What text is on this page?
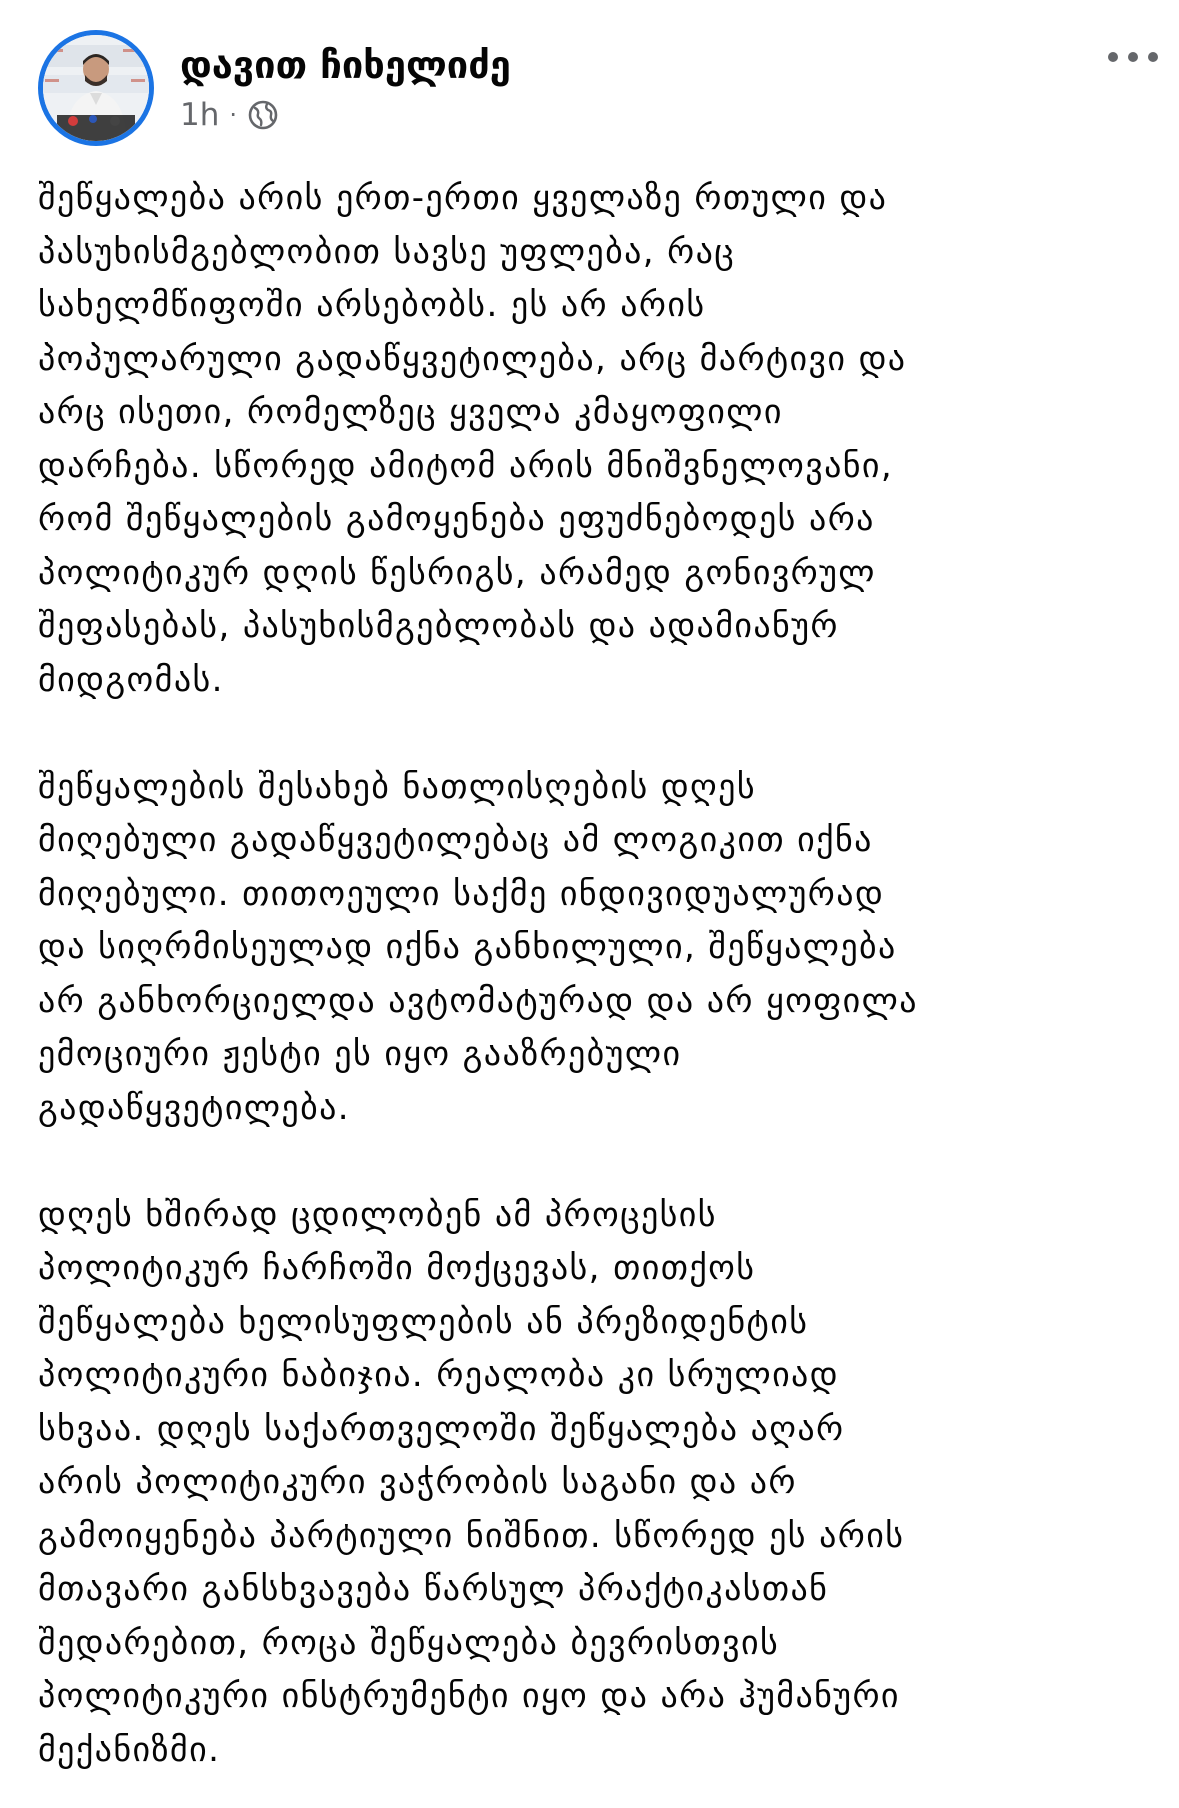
დავით ჩიხელიძე
1h ·

შეწყალება არის ერთ-ერთი ყველაზე რთული და
პასუხისმგებლობით სავსე უფლება, რაც
სახელმწიფოში არსებობს. ეს არ არის
პოპულარული გადაწყვეტილება, არც მარტივი და
არც ისეთი, რომელზეც ყველა კმაყოფილი
დარჩება. სწორედ ამიტომ არის მნიშვნელოვანი,
რომ შეწყალების გამოყენება ეფუძნებოდეს არა
პოლიტიკურ დღის წესრიგს, არამედ გონივრულ
შეფასებას, პასუხისმგებლობას და ადამიანურ
მიდგომას.

შეწყალების შესახებ ნათლისღების დღეს
მიღებული გადაწყვეტილებაც ამ ლოგიკით იქნა
მიღებული. თითოეული საქმე ინდივიდუალურად
და სიღრმისეულად იქნა განხილული, შეწყალება
არ განხორციელდა ავტომატურად და არ ყოფილა
ემოციური ჟესტი ეს იყო გააზრებული
გადაწყვეტილება.

დღეს ხშირად ცდილობენ ამ პროცესის
პოლიტიკურ ჩარჩოში მოქცევას, თითქოს
შეწყალება ხელისუფლების ან პრეზიდენტის
პოლიტიკური ნაბიჯია. რეალობა კი სრულიად
სხვაა. დღეს საქართველოში შეწყალება აღარ
არის პოლიტიკური ვაჭრობის საგანი და არ
გამოიყენება პარტიული ნიშნით. სწორედ ეს არის
მთავარი განსხვავება წარსულ პრაქტიკასთან
შედარებით, როცა შეწყალება ბევრისთვის
პოლიტიკური ინსტრუმენტი იყო და არა ჰუმანური
მექანიზმი.
